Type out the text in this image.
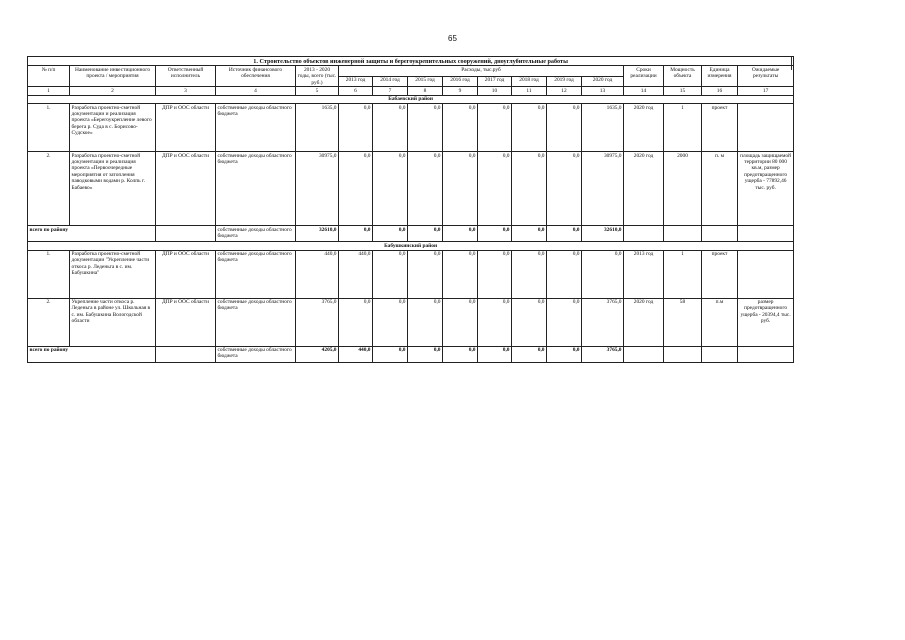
65
1. Строительство объектов инженерной защиты и берегоукрепительных сооружений, дноуглубительные работы																
№ п/п	Наименование инвестиционного проекта / мероприятия	Ответственный исполнитель	Источник финансового обеспечения	2013 - 2020 годы, всего (тыс. руб.)	Расходы, тыс.руб								Сроки реализации	Мощность объекта	Единица измерения	Ожидаемые результаты
					2013 год	2014 год	2015 год	2016 год	2017 год	2018 год	2019 год	2020 год				
1	2	3	4	5	6	7	8	9	10	11	12	13	14	15	16	17
Бабаевский район																
1.	Разработка проектно-сметной документации и реализация проекта «Берегоукрепление левого берега р. Суда в с. Борисово-Судское»	ДПР и ООС области	собственные доходы областного бюджета	1635,0	0,0	0,0	0,0	0,0	0,0	0,0	0,0	1635,0	2020 год	1	проект	
2.	Разработка проектно-сметной документации и реализация проекта «Первоочередные мероприятия от затопления паводковыми водами р. Колпь г. Бабаево»	ДПР и ООС области	собственные доходы областного бюджета	30975,0	0,0	0,0	0,0	0,0	0,0	0,0	0,0	30975,0	2020 год	2000	п. м	площадь защищаемой территории 80 000 кв.м, размер предотвращенного ущерба - 77892,46 тыс. руб.
всего по району			собственные доходы областного бюджета	32610,0	0,0	0,0	0,0	0,0	0,0	0,0	0,0	32610,0				
Бабушкинский район																
1.	Разработка проектно-сметной документации "Укрепление части откоса р. Леденьга в с. им. Бабушкина"	ДПР и ООС области	собственные доходы областного бюджета	440,0	440,0	0,0	0,0	0,0	0,0	0,0	0,0	0,0	2013 год	1	проект	
2.	Укрепление части откоса р. Леденьга в районе ул. Школьная в с. им. Бабушкина Вологодской области	ДПР и ООС области	собственные доходы областного бюджета	3765,0	0,0	0,0	0,0	0,0	0,0	0,0	0,0	3765,0	2020 год	58	п.м	размер предотвращенного ущерба - 20394,4 тыс. руб.
всего по району			собственные доходы областного бюджета	4205,0	440,0	0,0	0,0	0,0	0,0	0,0	0,0	3765,0				
